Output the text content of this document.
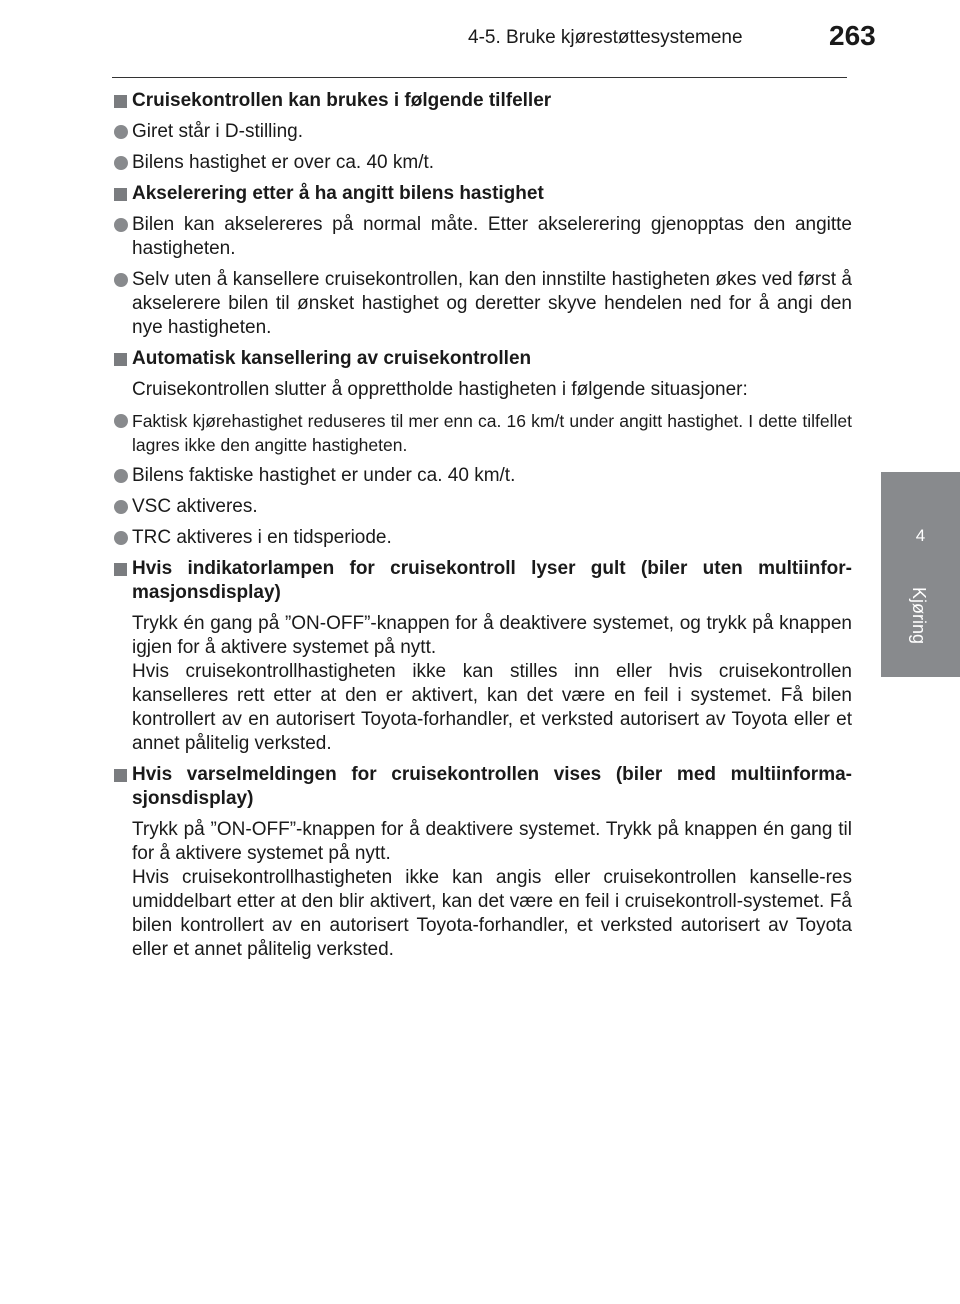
4-5. Bruke kjørestøttesystemene	263
4
Kjøring
Cruisekontrollen kan brukes i følgende tilfeller
Giret står i D-stilling.
Bilens hastighet er over ca. 40 km/t.
Akselerering etter å ha angitt bilens hastighet
Bilen kan akselereres på normal måte. Etter akselerering gjenopptas den angitte hastigheten.
Selv uten å kansellere cruisekontrollen, kan den innstilte hastigheten økes ved først å akselerere bilen til ønsket hastighet og deretter skyve hendelen ned for å angi den nye hastigheten.
Automatisk kansellering av cruisekontrollen
Cruisekontrollen slutter å opprettholde hastigheten i følgende situasjoner:
Faktisk kjørehastighet reduseres til mer enn ca. 16 km/t under angitt hastighet. I dette tilfellet lagres ikke den angitte hastigheten.
Bilens faktiske hastighet er under ca. 40 km/t.
VSC aktiveres.
TRC aktiveres i en tidsperiode.
Hvis indikatorlampen for cruisekontroll lyser gult (biler uten multiinfor-masjonsdisplay)
Trykk én gang på ”ON-OFF”-knappen for å deaktivere systemet, og trykk på knappen igjen for å aktivere systemet på nytt.
Hvis cruisekontrollhastigheten ikke kan stilles inn eller hvis cruisekontrollen kanselleres rett etter at den er aktivert, kan det være en feil i systemet. Få bilen kontrollert av en autorisert Toyota-forhandler, et verksted autorisert av Toyota eller et annet pålitelig verksted.
Hvis varselmeldingen for cruisekontrollen vises (biler med multiinforma-sjonsdisplay)
Trykk på ”ON-OFF”-knappen for å deaktivere systemet. Trykk på knappen én gang til for å aktivere systemet på nytt.
Hvis cruisekontrollhastigheten ikke kan angis eller cruisekontrollen kanselle-res umiddelbart etter at den blir aktivert, kan det være en feil i cruisekontroll-systemet. Få bilen kontrollert av en autorisert Toyota-forhandler, et verksted autorisert av Toyota eller et annet pålitelig verksted.
